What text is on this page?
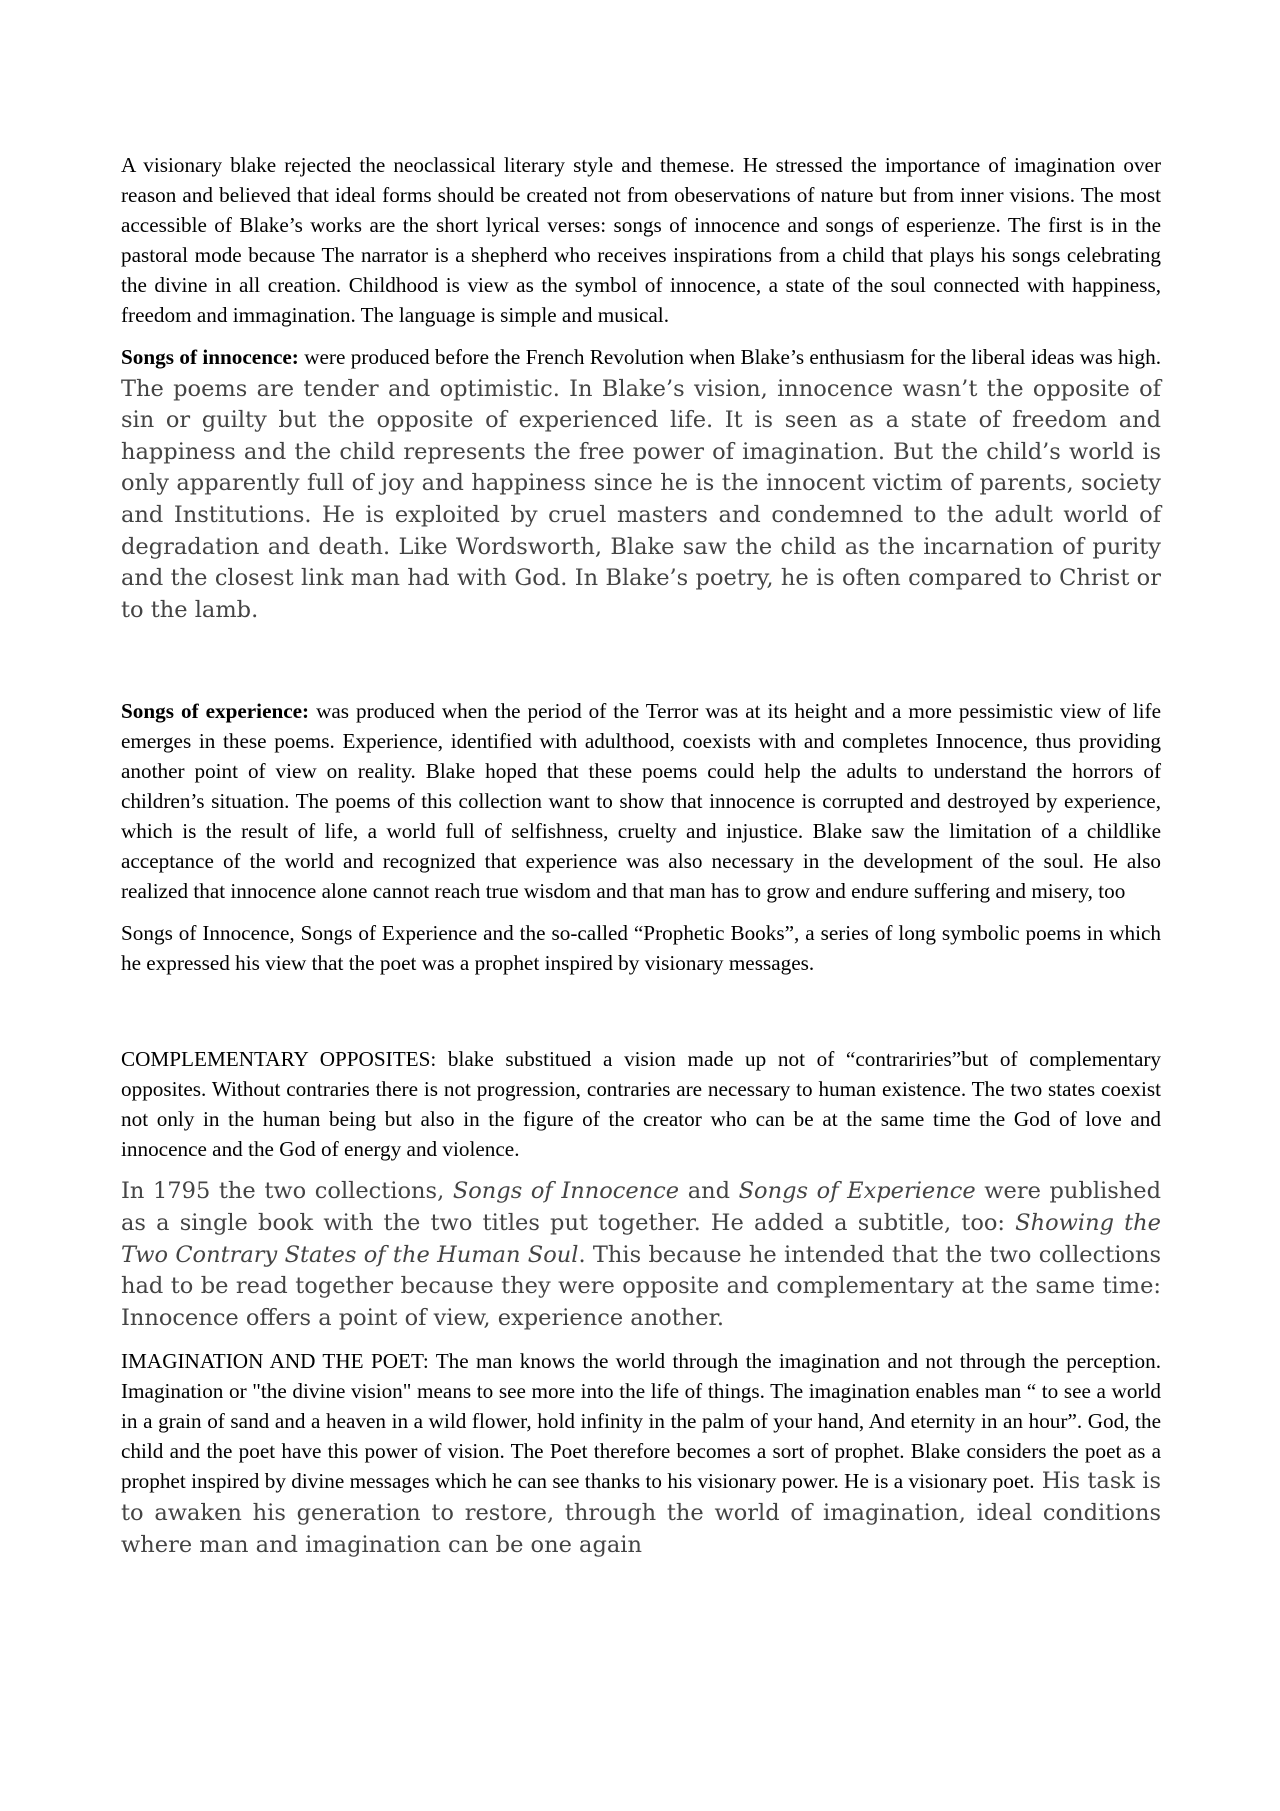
A visionary blake rejected the neoclassical literary style and themese. He stressed the importance of imagination over reason and believed that ideal forms should be created not from obeservations of nature but from inner visions. The most accessible of Blake’s works are the short lyrical verses: songs of innocence and songs of esperienze. The first is in the pastoral mode because The narrator is a shepherd who receives inspirations from a child that plays his songs celebrating the divine in all creation. Childhood is view as the symbol of innocence, a state of the soul connected with happiness, freedom and immagination. The language is simple and musical.

Songs of innocence: were produced before the French Revolution when Blake’s enthusiasm for the liberal ideas was high. The poems are tender and optimistic. In Blake’s vision, innocence wasn’t the opposite of sin or guilty but the opposite of experienced life. It is seen as a state of freedom and happiness and the child represents the free power of imagination. But the child’s world is only apparently full of joy and happiness since he is the innocent victim of parents, society and Institutions. He is exploited by cruel masters and condemned to the adult world of degradation and death. Like Wordsworth, Blake saw the child as the incarnation of purity and the closest link man had with God. In Blake’s poetry, he is often compared to Christ or to the lamb.

Songs of experience: was produced when the period of the Terror was at its height and a more pessimistic view of life emerges in these poems. Experience, identified with adulthood, coexists with and completes Innocence, thus providing another point of view on reality. Blake hoped that these poems could help the adults to understand the horrors of children’s situation. The poems of this collection want to show that innocence is corrupted and destroyed by experience, which is the result of life, a world full of selfishness, cruelty and injustice. Blake saw the limitation of a childlike acceptance of the world and recognized that experience was also necessary in the development of the soul. He also realized that innocence alone cannot reach true wisdom and that man has to grow and endure suffering and misery, too

Songs of Innocence, Songs of Experience and the so-called “Prophetic Books”, a series of long symbolic poems in which he expressed his view that the poet was a prophet inspired by visionary messages.

COMPLEMENTARY OPPOSITES: blake substitued a vision made up not of “contrariries”but of complementary opposites. Without contraries there is not progression, contraries are necessary to human existence. The two states coexist not only in the human being but also in the figure of the creator who can be at the same time the God of love and innocence and the God of energy and violence.

In 1795 the two collections, Songs of Innocence and Songs of Experience were published as a single book with the two titles put together. He added a subtitle, too: Showing the Two Contrary States of the Human Soul. This because he intended that the two collections had to be read together because they were opposite and complementary at the same time: Innocence offers a point of view, experience another.

IMAGINATION AND THE POET: The man knows the world through the imagination and not through the perception. Imagination or "the divine vision" means to see more into the life of things. The imagination enables man “ to see a world in a grain of sand and a heaven in a wild flower, hold infinity in the palm of your hand, And eternity in an hour”. God, the child and the poet have this power of vision. The Poet therefore becomes a sort of prophet. Blake considers the poet as a prophet inspired by divine messages which he can see thanks to his visionary power. He is a visionary poet. His task is to awaken his generation to restore, through the world of imagination, ideal conditions where man and imagination can be one again
